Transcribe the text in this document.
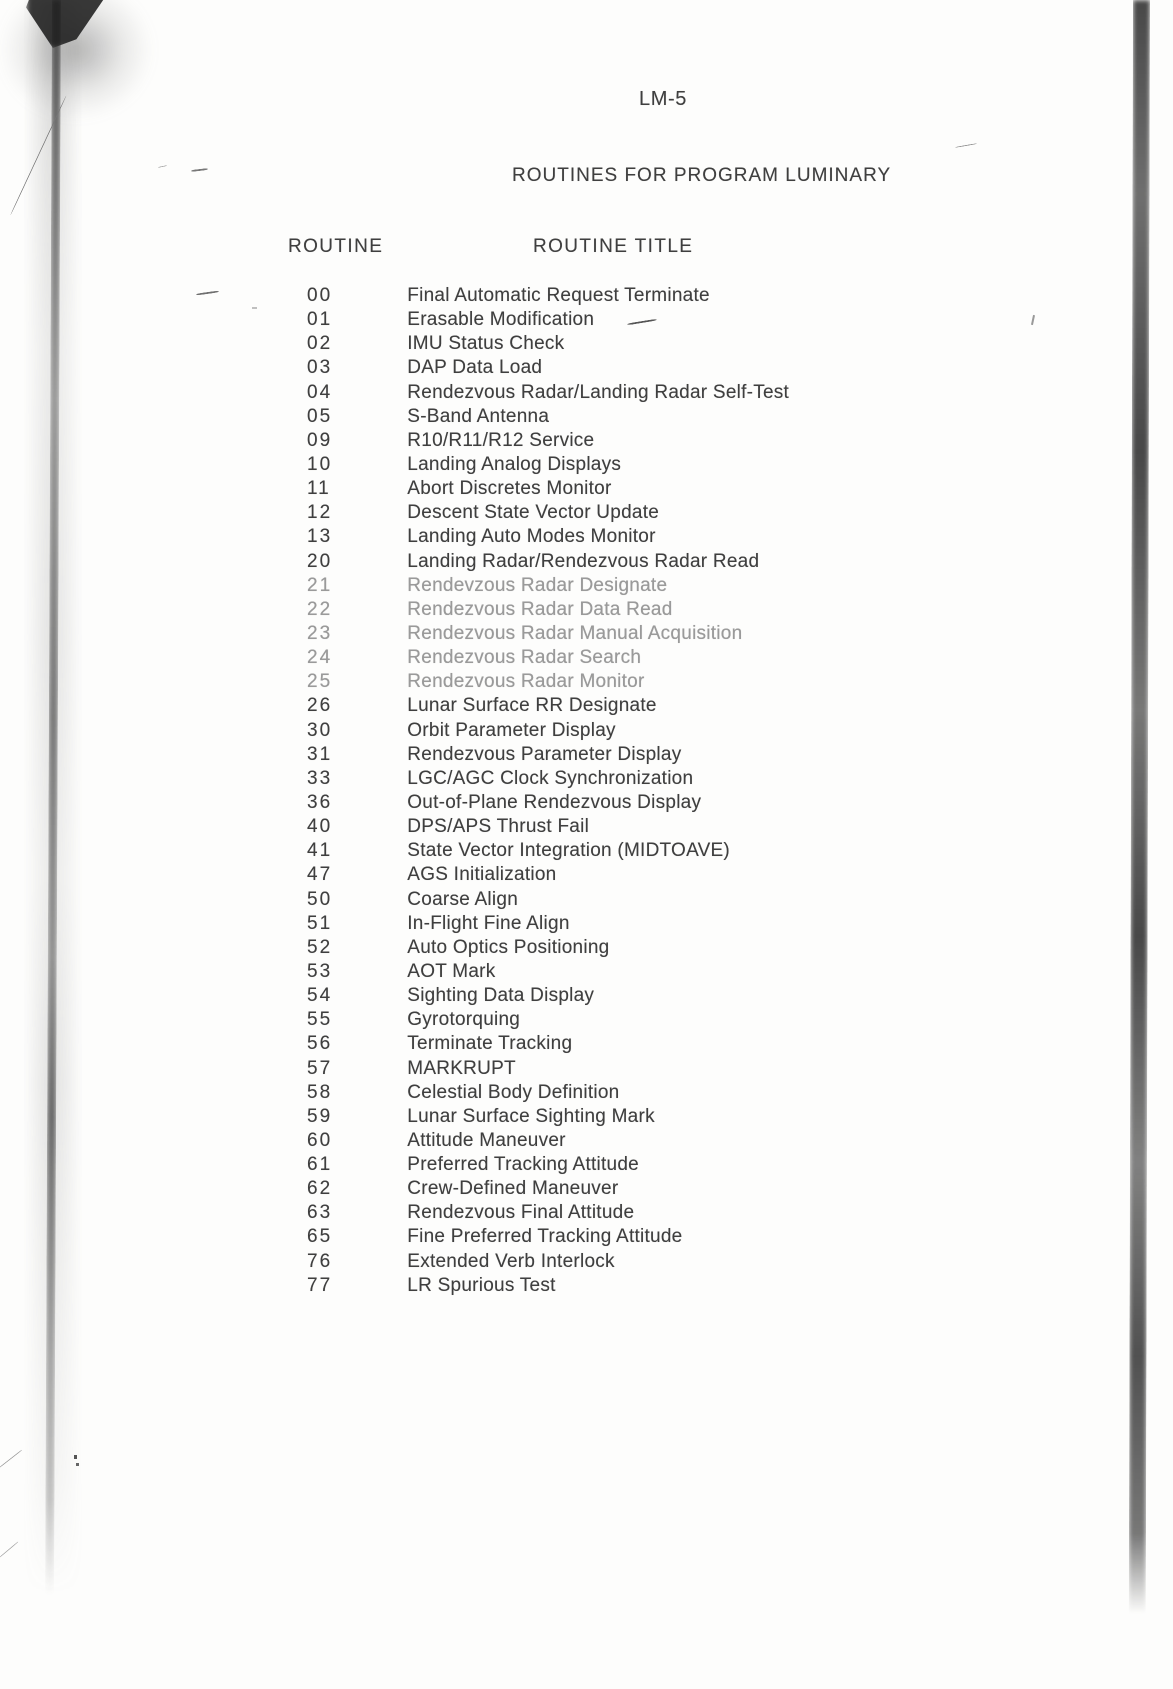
LM-5
ROUTINES FOR PROGRAM LUMINARY
ROUTINE	ROUTINE TITLE
00	Final Automatic Request Terminate
01	Erasable Modification
02	IMU Status Check
03	DAP Data Load
04	Rendezvous Radar/Landing Radar Self-Test
05	S-Band Antenna
09	R10/R11/R12 Service
10	Landing Analog Displays
11	Abort Discretes Monitor
12	Descent State Vector Update
13	Landing Auto Modes Monitor
20	Landing Radar/Rendezvous Radar Read
21	Rendevzous Radar Designate
22	Rendezvous Radar Data Read
23	Rendezvous Radar Manual Acquisition
24	Rendezvous Radar Search
25	Rendezvous Radar Monitor
26	Lunar Surface RR Designate
30	Orbit Parameter Display
31	Rendezvous Parameter Display
33	LGC/AGC Clock Synchronization
36	Out-of-Plane Rendezvous Display
40	DPS/APS Thrust Fail
41	State Vector Integration (MIDTOAVE)
47	AGS Initialization
50	Coarse Align
51	In-Flight Fine Align
52	Auto Optics Positioning
53	AOT Mark
54	Sighting Data Display
55	Gyrotorquing
56	Terminate Tracking
57	MARKRUPT
58	Celestial Body Definition
59	Lunar Surface Sighting Mark
60	Attitude Maneuver
61	Preferred Tracking Attitude
62	Crew-Defined Maneuver
63	Rendezvous Final Attitude
65	Fine Preferred Tracking Attitude
76	Extended Verb Interlock
77	LR Spurious Test
